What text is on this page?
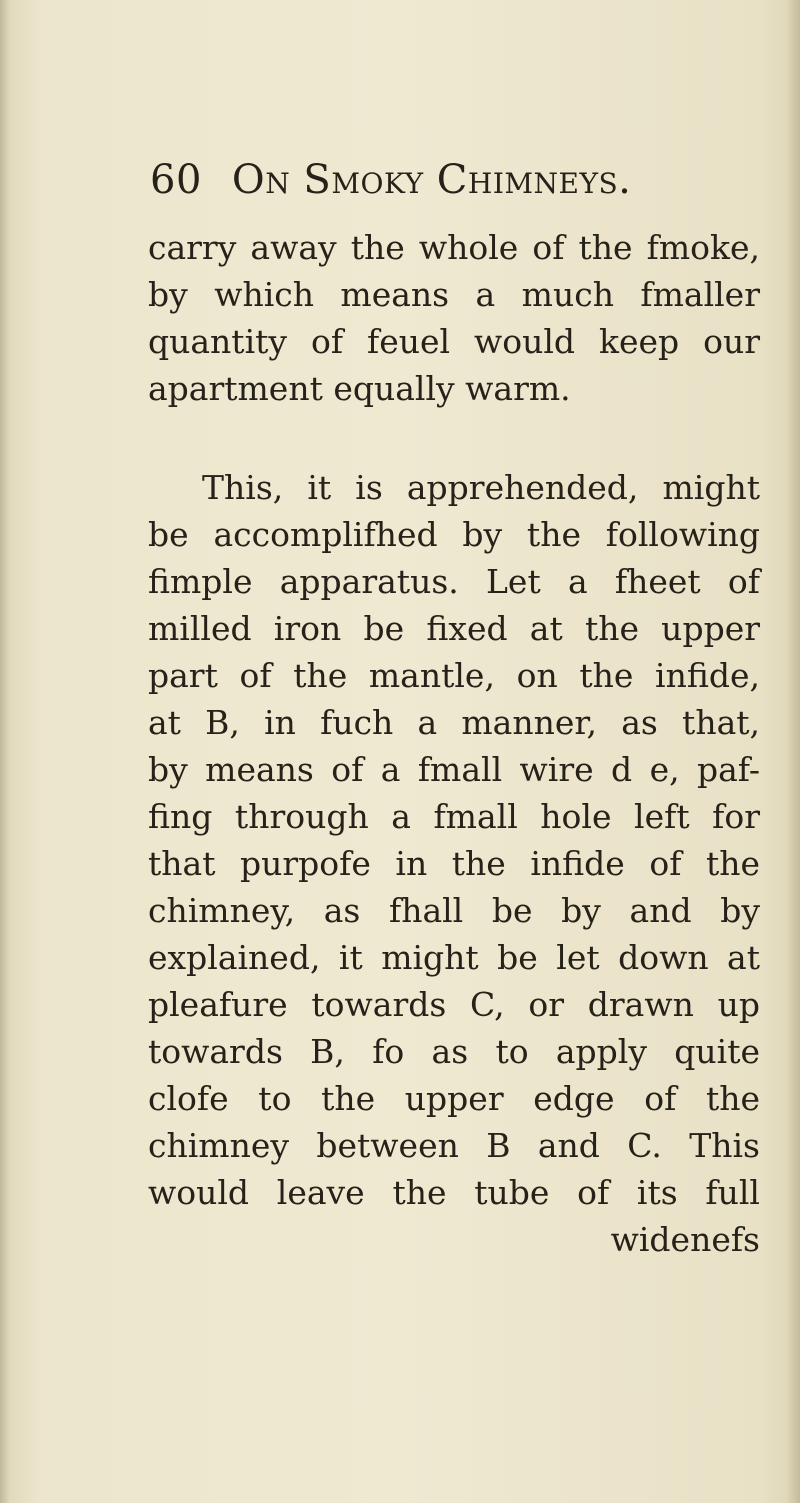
60 On Smoky Chimneys.
carry away the whole of the fmoke,
by which means a much fmaller
quantity of feuel would keep our
apartment equally warm.
This, it is apprehended, might
be accomplifhed by the following
fimple apparatus. Let a fheet of
milled iron be fixed at the upper
part of the mantle, on the infide,
at B, in fuch a manner, as that,
by means of a fmall wire d e, paf-
fing through a fmall hole left for
that purpofe in the infide of the
chimney, as fhall be by and by
explained, it might be let down at
pleafure towards C, or drawn up
towards B, fo as to apply quite
clofe to the upper edge of the
chimney between B and C. This
would leave the tube of its full
widenefs
